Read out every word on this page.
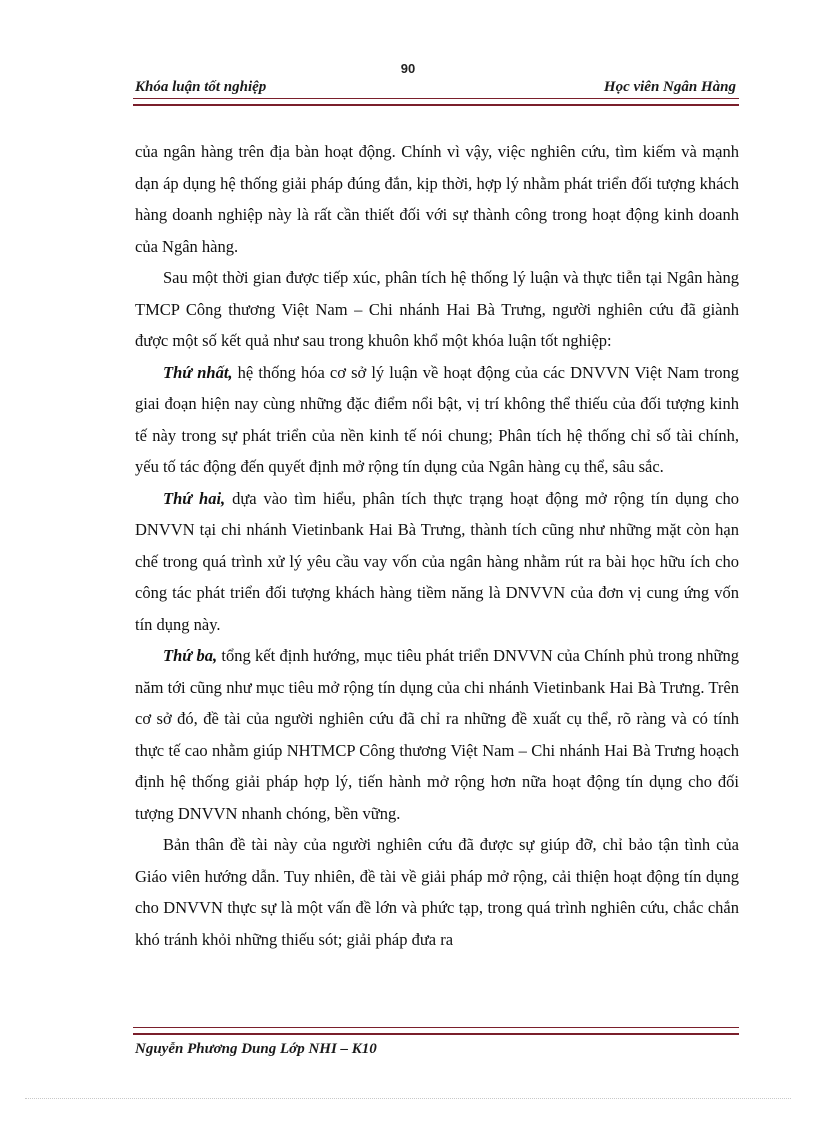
90
Khóa luận tốt nghiệp	Học viên Ngân Hàng

của ngân hàng trên địa bàn hoạt động. Chính vì vậy, việc nghiên cứu, tìm kiếm và mạnh dạn áp dụng hệ thống giải pháp đúng đắn, kịp thời, hợp lý nhằm phát triển đối tượng khách hàng doanh nghiệp này là rất cần thiết đối với sự thành công trong hoạt động kinh doanh của Ngân hàng.

Sau một thời gian được tiếp xúc, phân tích hệ thống lý luận và thực tiễn tại Ngân hàng TMCP Công thương Việt Nam – Chi nhánh Hai Bà Trưng, người nghiên cứu đã giành được một số kết quả như sau trong khuôn khổ một khóa luận tốt nghiệp:

Thứ nhất, hệ thống hóa cơ sở lý luận về hoạt động của các DNVVN Việt Nam trong giai đoạn hiện nay cùng những đặc điểm nổi bật, vị trí không thể thiếu của đối tượng kinh tế này trong sự phát triển của nền kinh tế nói chung; Phân tích hệ thống chỉ số tài chính, yếu tố tác động đến quyết định mở rộng tín dụng của Ngân hàng cụ thể, sâu sắc.

Thứ hai, dựa vào tìm hiểu, phân tích thực trạng hoạt động mở rộng tín dụng cho DNVVN tại chi nhánh Vietinbank Hai Bà Trưng, thành tích cũng như những mặt còn hạn chế trong quá trình xử lý yêu cầu vay vốn của ngân hàng nhằm rút ra bài học hữu ích cho công tác phát triển đối tượng khách hàng tiềm năng là DNVVN của đơn vị cung ứng vốn tín dụng này.

Thứ ba, tổng kết định hướng, mục tiêu phát triển DNVVN của Chính phủ trong những năm tới cũng như mục tiêu mở rộng tín dụng của chi nhánh Vietinbank Hai Bà Trưng. Trên cơ sở đó, đề tài của người nghiên cứu đã chỉ ra những đề xuất cụ thể, rõ ràng và có tính thực tế cao nhằm giúp NHTMCP Công thương Việt Nam – Chi nhánh Hai Bà Trưng hoạch định hệ thống giải pháp hợp lý, tiến hành mở rộng hơn nữa hoạt động tín dụng cho đối tượng DNVVN nhanh chóng, bền vững.

Bản thân đề tài này của người nghiên cứu đã được sự giúp đỡ, chỉ bảo tận tình của Giáo viên hướng dẫn. Tuy nhiên, đề tài về giải pháp mở rộng, cải thiện hoạt động tín dụng cho DNVVN thực sự là một vấn đề lớn và phức tạp, trong quá trình nghiên cứu, chắc chắn khó tránh khỏi những thiếu sót; giải pháp đưa ra

Nguyễn Phương Dung Lớp NHI – K10
